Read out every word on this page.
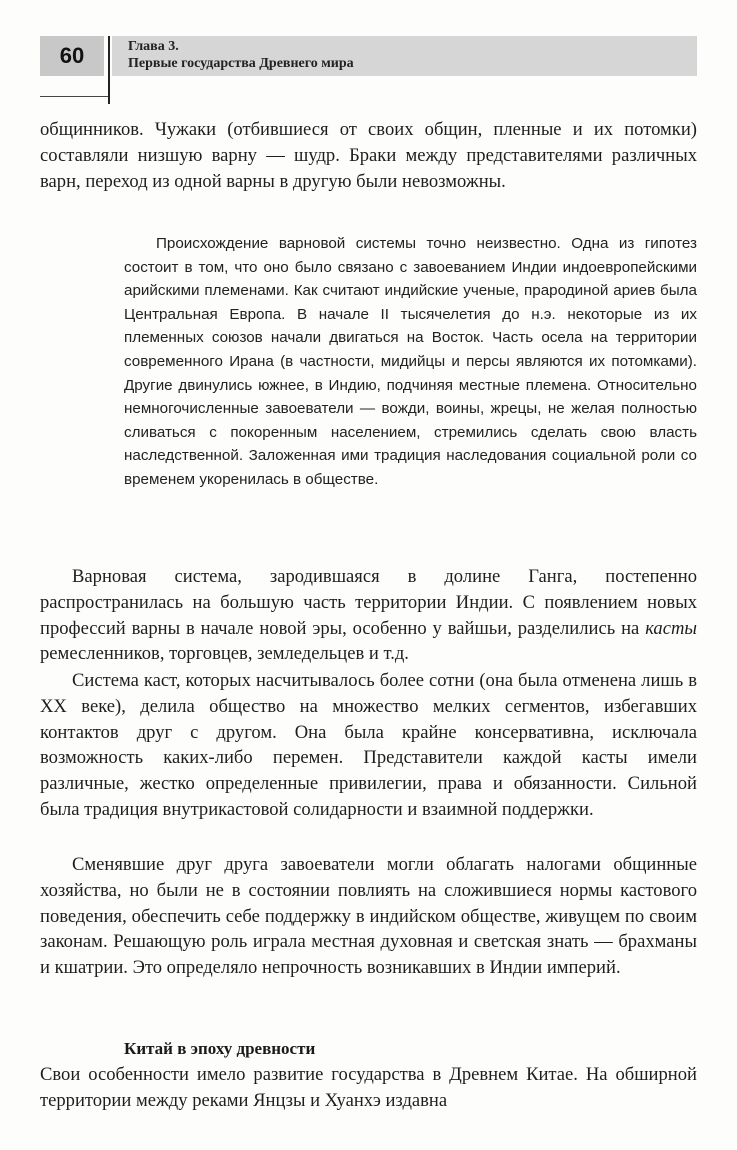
60	Глава 3.
Первые государства Древнего мира

общинников. Чужаки (отбившиеся от своих общин, пленные и их потомки) составляли низшую варну — шудр. Браки между представителями различных варн, переход из одной варны в другую были невозможны.

Происхождение варновой системы точно неизвестно. Одна из гипотез состоит в том, что оно было связано с завоеванием Индии индоевропейскими арийскими племенами. Как считают индийские ученые, прародиной ариев была Центральная Европа. В начале II тысячелетия до н.э. некоторые из их племенных союзов начали двигаться на Восток. Часть осела на территории современного Ирана (в частности, мидийцы и персы являются их потомками). Другие двинулись южнее, в Индию, подчиняя местные племена. Относительно немногочисленные завоеватели — вожди, воины, жрецы, не желая полностью сливаться с покоренным населением, стремились сделать свою власть наследственной. Заложенная ими традиция наследования социальной роли со временем укоренилась в обществе.

Варновая система, зародившаяся в долине Ганга, постепенно распространилась на большую часть территории Индии. С появлением новых профессий варны в начале новой эры, особенно у вайшьи, разделились на касты ремесленников, торговцев, земледельцев и т.д.

Система каст, которых насчитывалось более сотни (она была отменена лишь в XX веке), делила общество на множество мелких сегментов, избегавших контактов друг с другом. Она была крайне консервативна, исключала возможность каких-либо перемен. Представители каждой касты имели различные, жестко определенные привилегии, права и обязанности. Сильной была традиция внутрикастовой солидарности и взаимной поддержки.

Сменявшие друг друга завоеватели могли облагать налогами общинные хозяйства, но были не в состоянии повлиять на сложившиеся нормы кастового поведения, обеспечить себе поддержку в индийском обществе, живущем по своим законам. Решающую роль играла местная духовная и светская знать — брахманы и кшатрии. Это определяло непрочность возникавших в Индии империй.

Китай в эпоху древности

Свои особенности имело развитие государства в Древнем Китае. На обширной территории между реками Янцзы и Хуанхэ издавна
